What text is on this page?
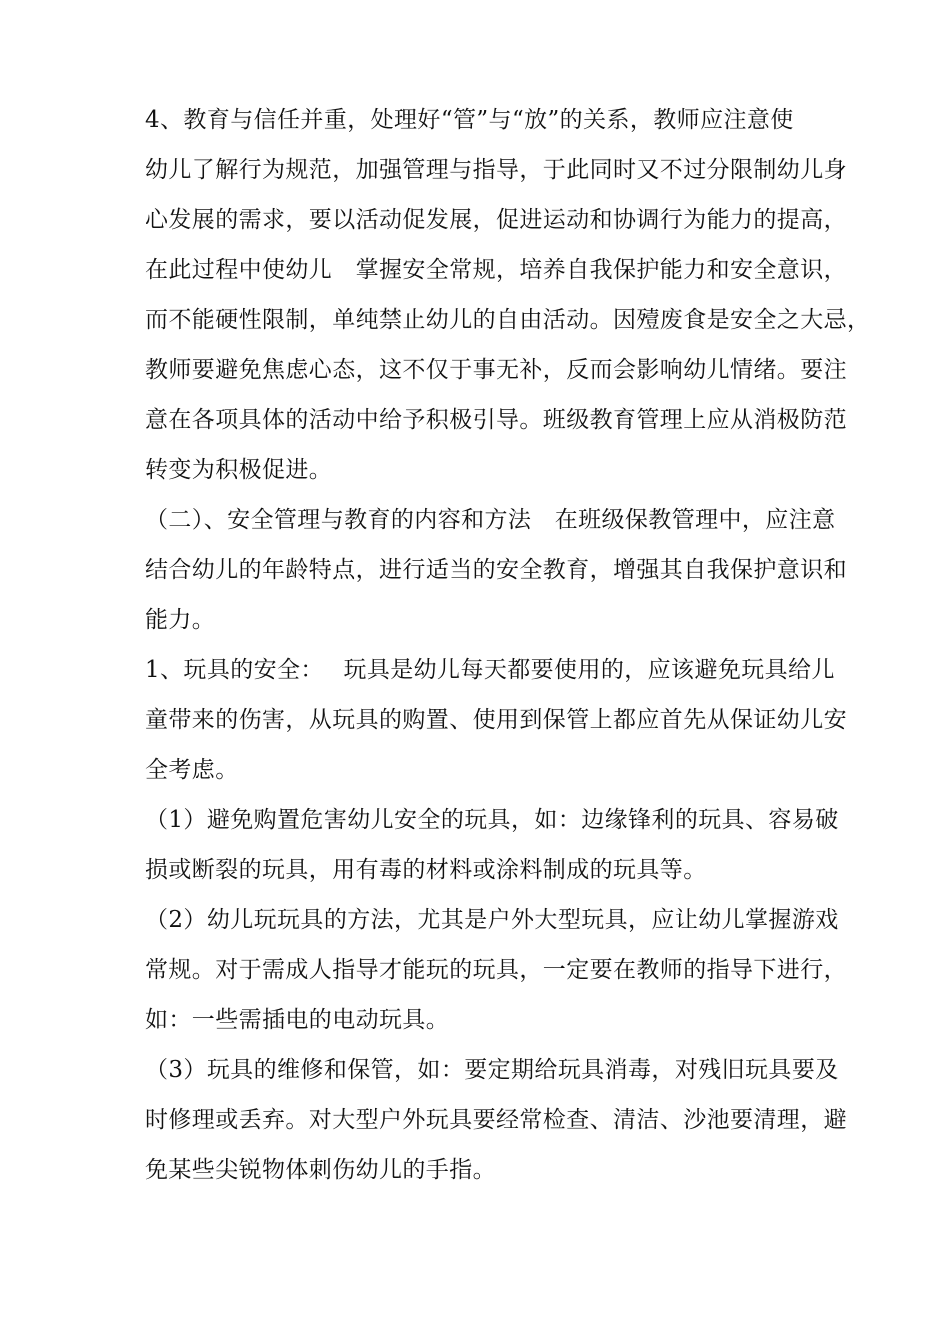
4、教育与信任并重，处理好“管”与“放”的关系，教师应注意使
幼儿了解行为规范，加强管理与指导，于此同时又不过分限制幼儿身
心发展的需求，要以活动促发展，促进运动和协调行为能力的提高，
在此过程中使幼儿　掌握安全常规，培养自我保护能力和安全意识，
而不能硬性限制，单纯禁止幼儿的自由活动。因殪废食是安全之大忌，
教师要避免焦虑心态，这不仅于事无补，反而会影响幼儿情绪。要注
意在各项具体的活动中给予积极引导。班级教育管理上应从消极防范
转变为积极促进。
（二）、安全管理与教育的内容和方法　在班级保教管理中，应注意
结合幼儿的年龄特点，进行适当的安全教育，增强其自我保护意识和
能力。
1、玩具的安全：　 玩具是幼儿每天都要使用的，应该避免玩具给儿
童带来的伤害，从玩具的购置、使用到保管上都应首先从保证幼儿安
全考虑。
（1）避免购置危害幼儿安全的玩具，如：边缘锋利的玩具、容易破
损或断裂的玩具，用有毒的材料或涂料制成的玩具等。
（2）幼儿玩玩具的方法，尤其是户外大型玩具，应让幼儿掌握游戏
常规。对于需成人指导才能玩的玩具，一定要在教师的指导下进行，
如：一些需插电的电动玩具。
（3）玩具的维修和保管，如：要定期给玩具消毒，对残旧玩具要及
时修理或丢弃。对大型户外玩具要经常检查、清洁、沙池要清理，避
免某些尖锐物体刺伤幼儿的手指。
